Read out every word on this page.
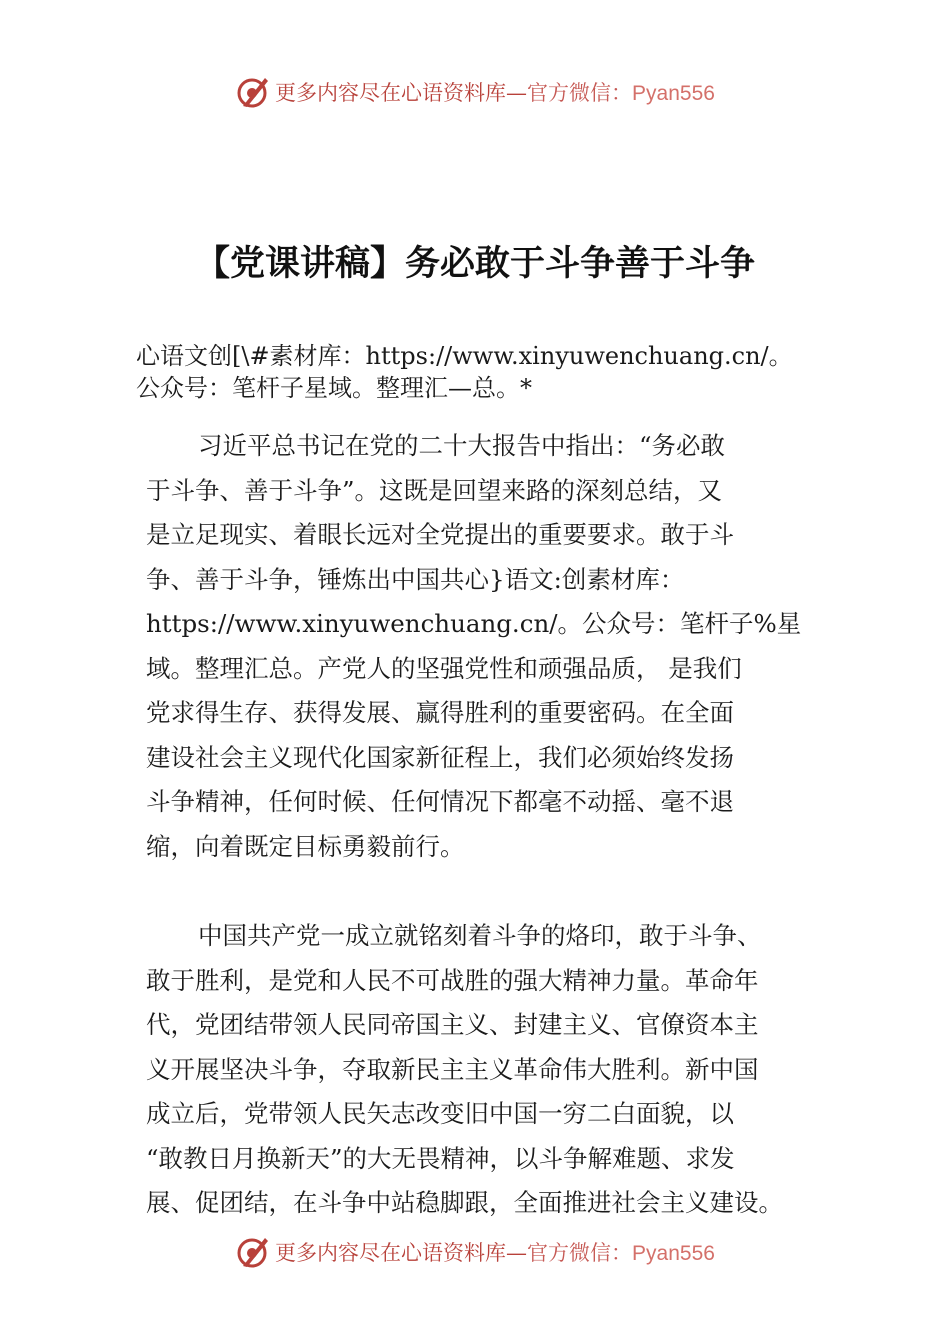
更多内容尽在心语资料库—官方微信：Pyan556
【党课讲稿】务必敢于斗争善于斗争
心语文创[\#素材库：https://www.xinyuwenchuang.cn/。
公众号：笔杆子星域。整理汇—总。*
习近平总书记在党的二十大报告中指出：“务必敢
于斗争、善于斗争”。这既是回望来路的深刻总结，又
是立足现实、着眼长远对全党提出的重要要求。敢于斗
争、善于斗争，锤炼出中国共心}语文:创素材库：
https://www.xinyuwenchuang.cn/。公众号：笔杆子%星
域。整理汇总。产党人的坚强党性和顽强品质， 是我们
党求得生存、获得发展、赢得胜利的重要密码。在全面
建设社会主义现代化国家新征程上，我们必须始终发扬
斗争精神，任何时候、任何情况下都毫不动摇、毫不退
缩，向着既定目标勇毅前行。
中国共产党一成立就铭刻着斗争的烙印，敢于斗争、
敢于胜利，是党和人民不可战胜的强大精神力量。革命年
代，党团结带领人民同帝国主义、封建主义、官僚资本主
义开展坚决斗争，夺取新民主主义革命伟大胜利。新中国
成立后，党带领人民矢志改变旧中国一穷二白面貌，以
“敢教日月换新天”的大无畏精神，以斗争解难题、求发
展、促团结，在斗争中站稳脚跟，全面推进社会主义建设。
更多内容尽在心语资料库—官方微信：Pyan556
